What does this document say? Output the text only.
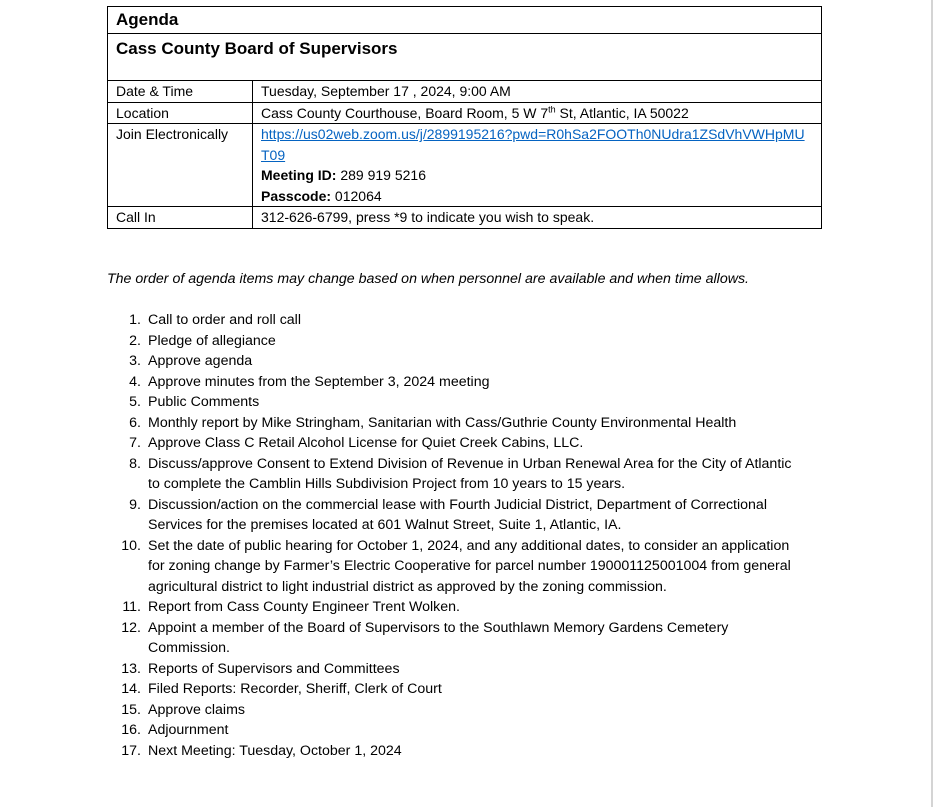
Agenda	
Cass County Board of Supervisors	
Date & Time	Tuesday, September 17 , 2024, 9:00 AM
Location	Cass County Courthouse, Board Room, 5 W 7th St, Atlantic, IA 50022
Join Electronically	https://us02web.zoom.us/j/2899195216?pwd=R0hSa2FOOTh0NUdra1ZSdVhVWHpMUT09
Meeting ID: 289 919 5216
Passcode: 012064

Call In	312-626-6799, press *9 to indicate you wish to speak.
The order of agenda items may change based on when personnel are available and when time allows.
1. Call to order and roll call
2. Pledge of allegiance
3. Approve agenda
4. Approve minutes from the September 3, 2024 meeting
5. Public Comments
6. Monthly report by Mike Stringham, Sanitarian with Cass/Guthrie County Environmental Health
7. Approve Class C Retail Alcohol License for Quiet Creek Cabins, LLC.
8. Discuss/approve Consent to Extend Division of Revenue in Urban Renewal Area for the City of Atlantic to complete the Camblin Hills Subdivision Project from 10 years to 15 years.
9. Discussion/action on the commercial lease with Fourth Judicial District, Department of Correctional Services for the premises located at 601 Walnut Street, Suite 1, Atlantic, IA.
10. Set the date of public hearing for October 1, 2024, and any additional dates, to consider an application for zoning change by Farmer’s Electric Cooperative for parcel number 190001125001004 from general agricultural district to light industrial district as approved by the zoning commission.
11. Report from Cass County Engineer Trent Wolken.
12. Appoint a member of the Board of Supervisors to the Southlawn Memory Gardens Cemetery Commission.
13. Reports of Supervisors and Committees
14. Filed Reports: Recorder, Sheriff, Clerk of Court
15. Approve claims
16. Adjournment
17. Next Meeting: Tuesday, October 1, 2024
